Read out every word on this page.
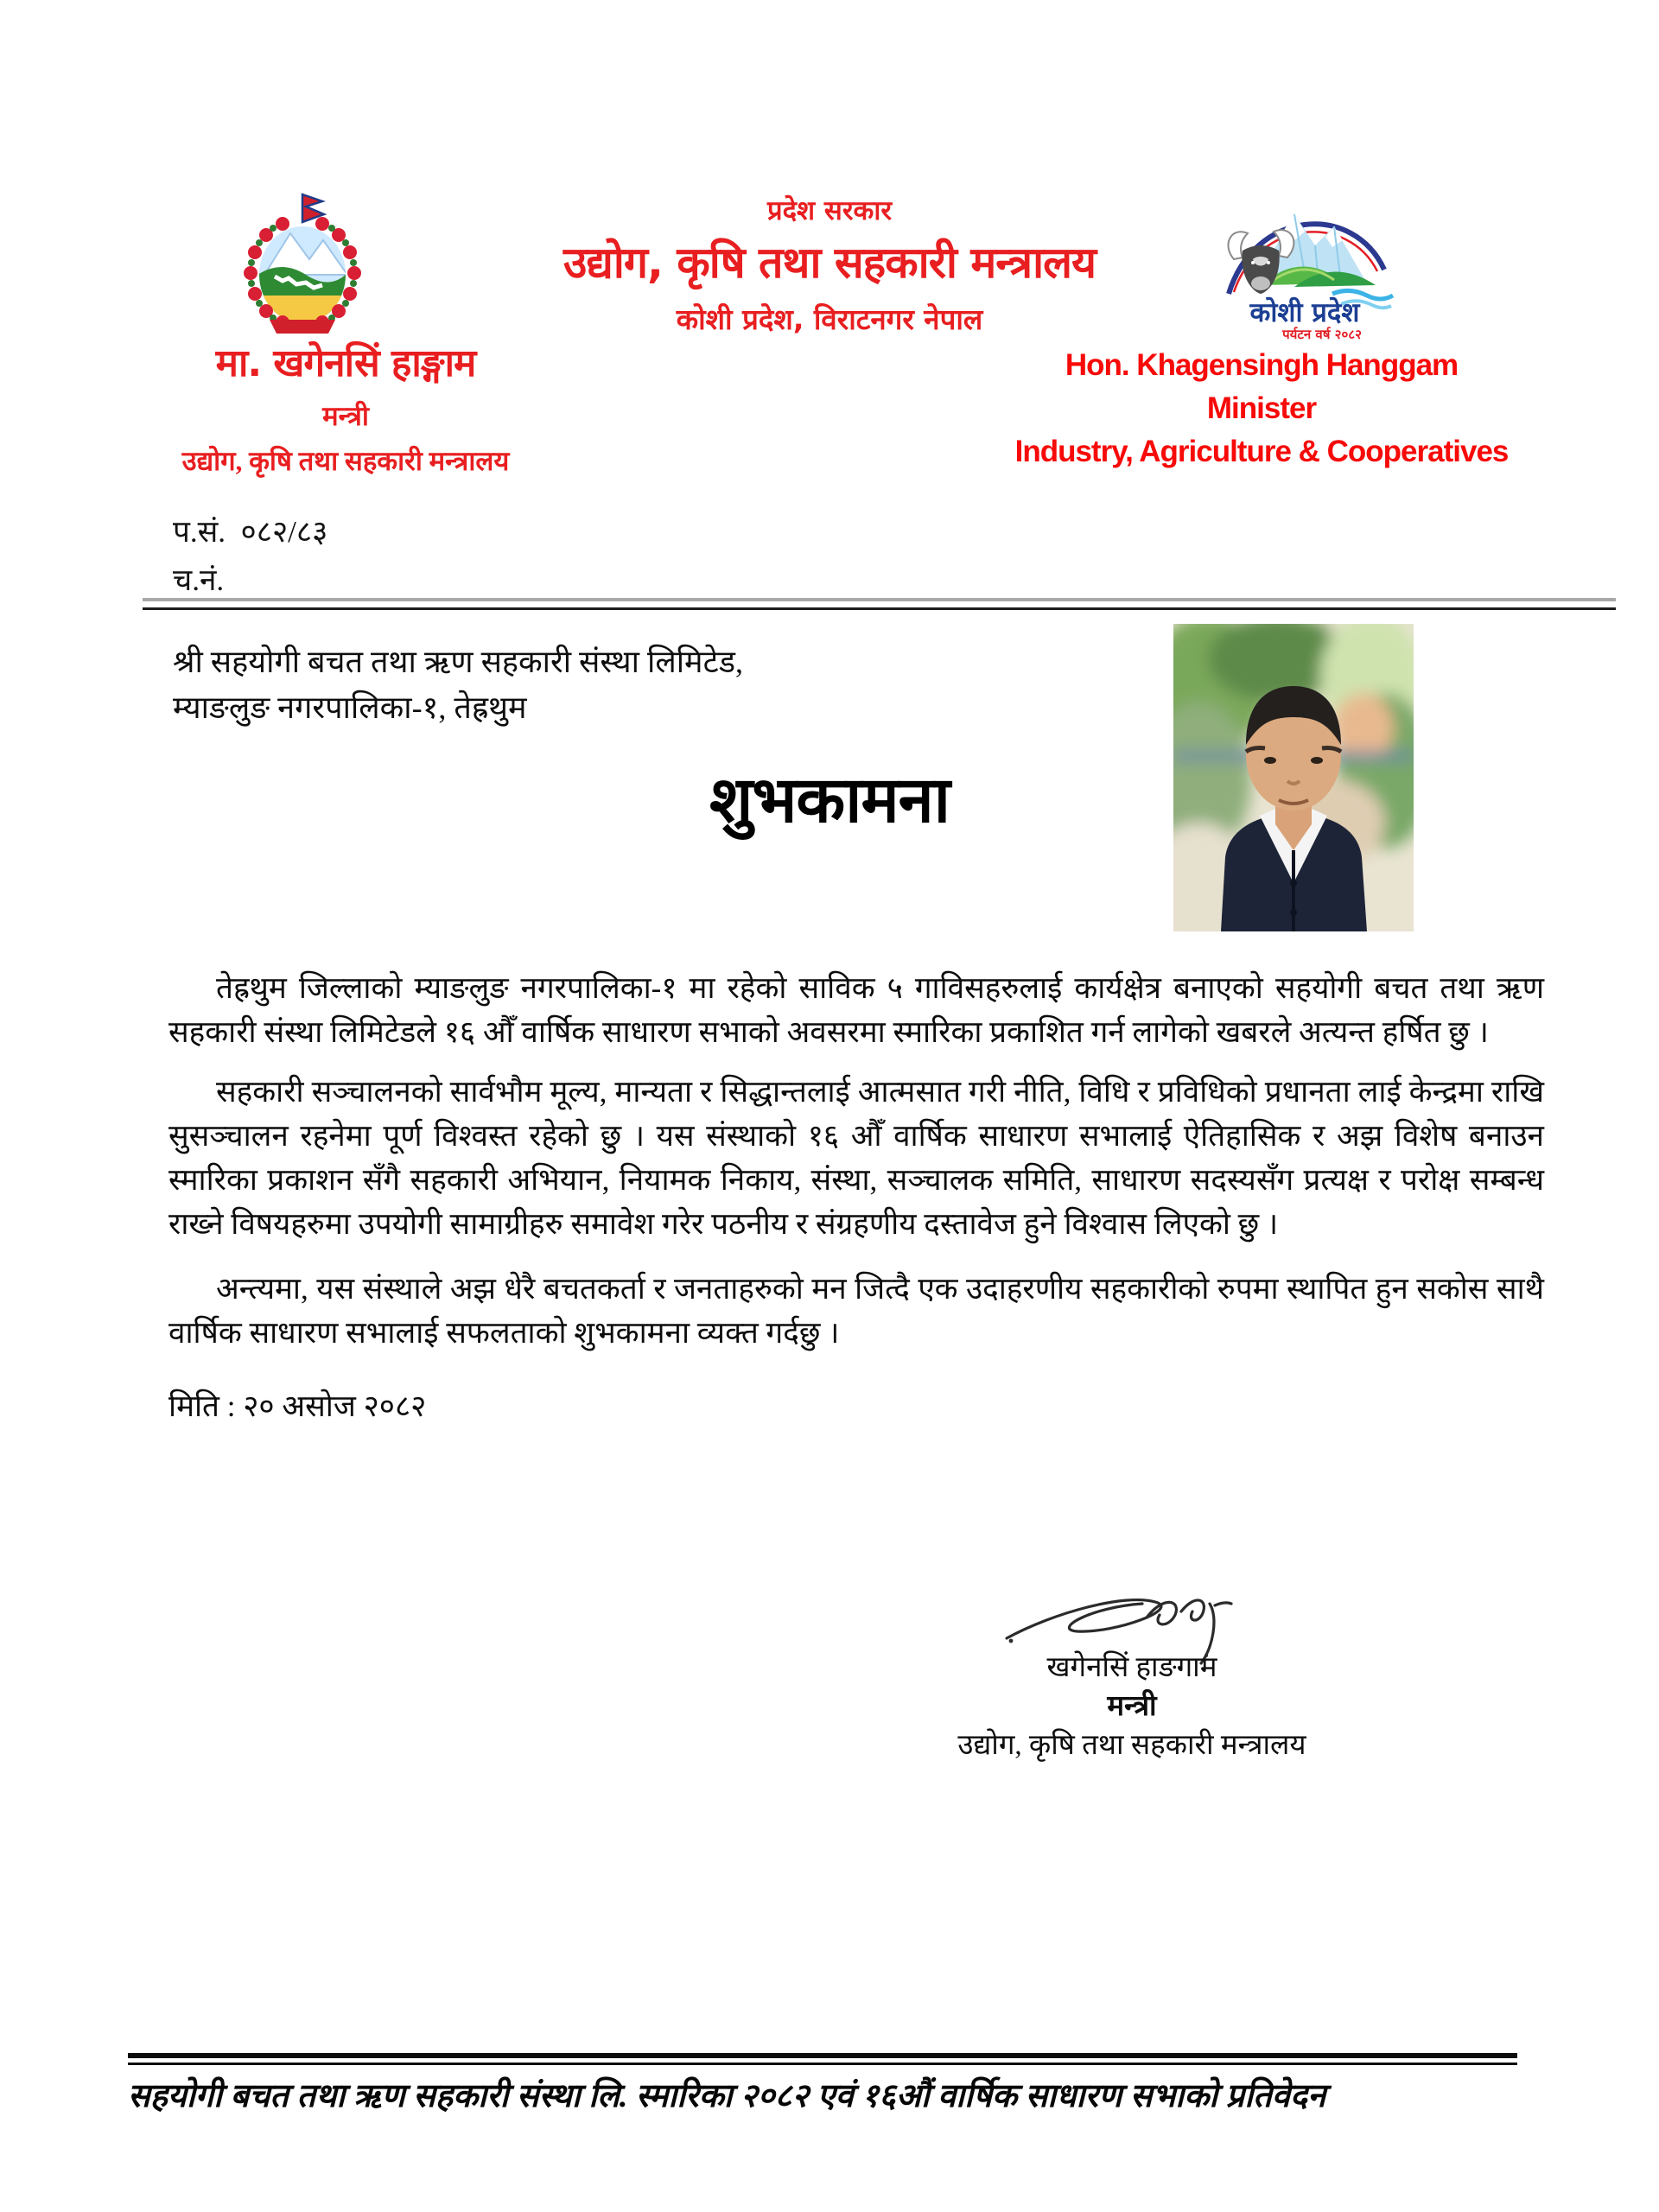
प्रदेश सरकार
उद्योग, कृषि तथा सहकारी मन्त्रालय
कोशी प्रदेश, विराटनगर नेपाल	कोशी प्रदेश
पर्यटन वर्ष २०८२
मा. खगेनसिं हाङ्गाम
मन्त्री
उद्योग, कृषि तथा सहकारी मन्त्रालय
Hon. Khagensingh Hanggam
Minister
Industry, Agriculture & Cooperatives
प.सं. ०८२/८३
च.नं.
श्री सहयोगी बचत तथा ऋण सहकारी संस्था लिमिटेड,
म्याङलुङ नगरपालिका-१, तेह्रथुम
शुभकामना

तेह्रथुम जिल्लाको म्याङलुङ नगरपालिका-१ मा रहेको साविक ५ गाविसहरुलाई कार्यक्षेत्र बनाएको सहयोगी बचत तथा ऋण सहकारी संस्था लिमिटेडले १६ औँ वार्षिक साधारण सभाको अवसरमा स्मारिका प्रकाशित गर्न लागेको खबरले अत्यन्त हर्षित छु ।

सहकारी सञ्चालनको सार्वभौम मूल्य, मान्यता र सिद्धान्तलाई आत्मसात गरी नीति, विधि र प्रविधिको प्रधानता लाई केन्द्रमा राखि सुसञ्चालन रहनेमा पूर्ण विश्वस्त रहेको छु । यस संस्थाको १६ औँ वार्षिक साधारण सभालाई ऐतिहासिक र अझ विशेष बनाउन स्मारिका प्रकाशन सँगै सहकारी अभियान, नियामक निकाय, संस्था, सञ्चालक समिति, साधारण सदस्यसँग प्रत्यक्ष र परोक्ष सम्बन्ध राख्ने विषयहरुमा उपयोगी सामाग्रीहरु समावेश गरेर पठनीय र संग्रहणीय दस्तावेज हुने विश्वास लिएको छु ।

अन्त्यमा, यस संस्थाले अझ धेरै बचतकर्ता र जनताहरुको मन जित्दै एक उदाहरणीय सहकारीको रुपमा स्थापित हुन सकोस साथै वार्षिक साधारण सभालाई सफलताको शुभकामना व्यक्त गर्दछु ।

मिति : २० असोज २०८२
खगेनसिं हाङगाम
मन्त्री
उद्योग, कृषि तथा सहकारी मन्त्रालय
सहयोगी बचत तथा ऋण सहकारी संस्था लि. स्मारिका २०८२ एवं १६औं वार्षिक साधारण सभाको प्रतिवेदन
